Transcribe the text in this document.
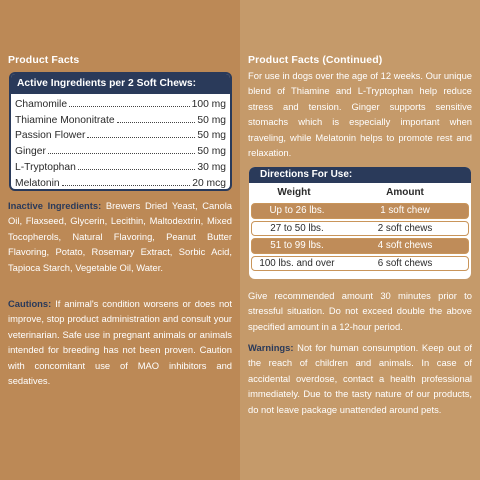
Product Facts
Active Ingredients per 2 Soft Chews:
Chamomile	100 mg
Thiamine Mononitrate	50 mg
Passion Flower	50 mg
Ginger	50 mg
L-Tryptophan	30 mg
Melatonin	20 mcg
Inactive Ingredients: Brewers Dried Yeast, Canola Oil, Flaxseed, Glycerin, Lecithin, Maltodextrin, Mixed Tocopherols, Natural Flavoring, Peanut Butter Flavoring, Potato, Rosemary Extract, Sorbic Acid, Tapioca Starch, Vegetable Oil, Water.
Cautions: If animal's condition worsens or does not improve, stop product administration and consult your veterinarian. Safe use in pregnant animals or animals intended for breeding has not been proven. Caution with concomitant use of MAO inhibitors and sedatives.
Product Facts (Continued)
For use in dogs over the age of 12 weeks. Our unique blend of Thiamine and L-Tryptophan help reduce stress and tension. Ginger supports sensitive stomachs which is especially important when traveling, while Melatonin helps to promote rest and relaxation.
Directions For Use:
Weight	Amount
Up to 26 lbs.	1 soft chew
27 to 50 lbs.	2 soft chews
51 to 99 lbs.	4 soft chews
100 lbs. and over	6 soft chews
Give recommended amount 30 minutes prior to stressful situation. Do not exceed double the above specified amount in a 12-hour period.
Warnings: Not for human consumption. Keep out of the reach of children and animals. In case of accidental overdose, contact a health professional immediately. Due to the tasty nature of our products, do not leave package unattended around pets.
